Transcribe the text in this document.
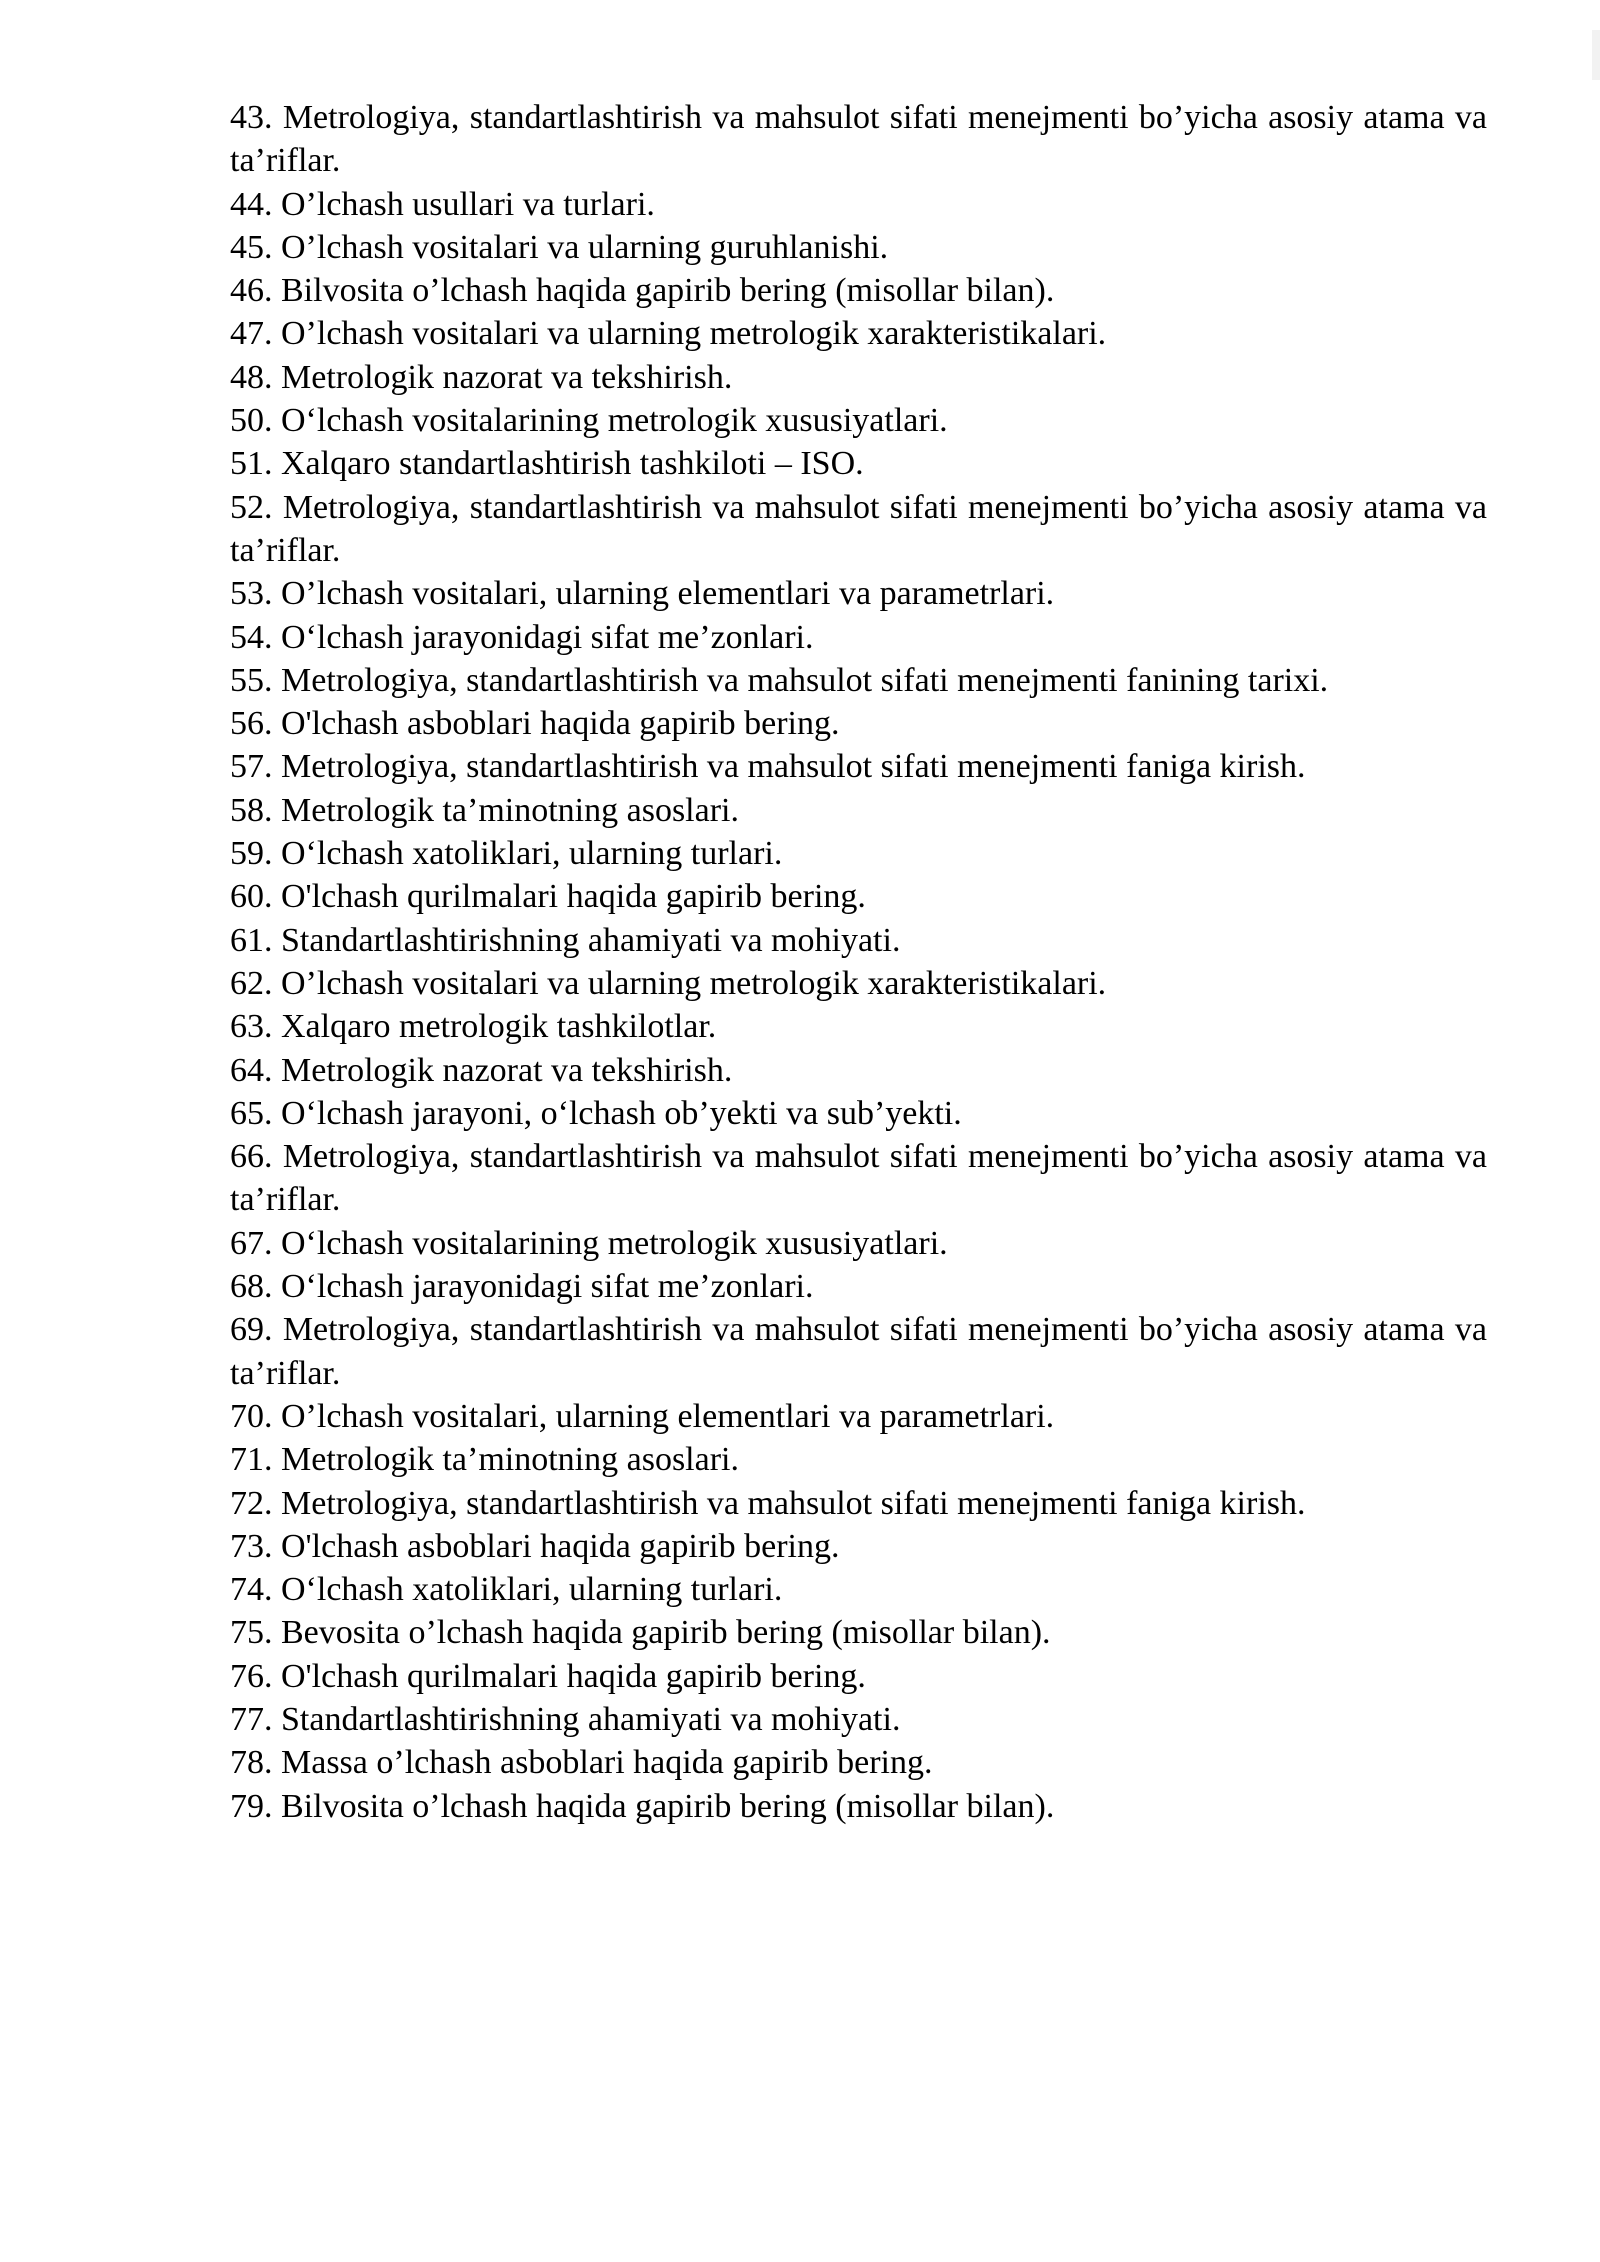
43. Metrologiya, standartlashtirish va mahsulot sifati menejmenti bo’yicha asosiy atama va ta’riflar.

44. O’lchash usullari va turlari.

45. O’lchash vositalari va ularning guruhlanishi.

46. Bilvosita o’lchash haqida gapirib bering (misollar bilan).

47. O’lchash vositalari va ularning metrologik xarakteristikalari.

48. Metrologik nazorat va tekshirish.

50. O‘lchash vositalarining metrologik xususiyatlari.

51. Xalqaro standartlashtirish tashkiloti – ISO.

52. Metrologiya, standartlashtirish va mahsulot sifati menejmenti bo’yicha asosiy atama va ta’riflar.

53. O’lchash vositalari, ularning elementlari va parametrlari.

54. O‘lchash jarayonidagi sifat me’zonlari.

55. Metrologiya, standartlashtirish va mahsulot sifati menejmenti fanining tarixi.

56. O'lchash asboblari haqida gapirib bering.

57. Metrologiya, standartlashtirish va mahsulot sifati menejmenti faniga kirish.

58. Metrologik ta’minotning asoslari.

59. O‘lchash xatoliklari, ularning turlari.

60. O'lchash qurilmalari haqida gapirib bering.

61. Standartlashtirishning ahamiyati va mohiyati.

62. O’lchash vositalari va ularning metrologik xarakteristikalari.

63. Xalqaro metrologik tashkilotlar.

64. Metrologik nazorat va tekshirish.

65. O‘lchash jarayoni, o‘lchash ob’yekti va sub’yekti.

66. Metrologiya, standartlashtirish va mahsulot sifati menejmenti bo’yicha asosiy atama va ta’riflar.

67. O‘lchash vositalarining metrologik xususiyatlari.

68. O‘lchash jarayonidagi sifat me’zonlari.

69. Metrologiya, standartlashtirish va mahsulot sifati menejmenti bo’yicha asosiy atama va ta’riflar.

70. O’lchash vositalari, ularning elementlari va parametrlari.

71. Metrologik ta’minotning asoslari.

72. Metrologiya, standartlashtirish va mahsulot sifati menejmenti faniga kirish.

73. O'lchash asboblari haqida gapirib bering.

74. O‘lchash xatoliklari, ularning turlari.

75. Bevosita o’lchash haqida gapirib bering (misollar bilan).

76. O'lchash qurilmalari haqida gapirib bering.

77. Standartlashtirishning ahamiyati va mohiyati.

78. Massa o’lchash asboblari haqida gapirib bering.

79. Bilvosita o’lchash haqida gapirib bering (misollar bilan).
